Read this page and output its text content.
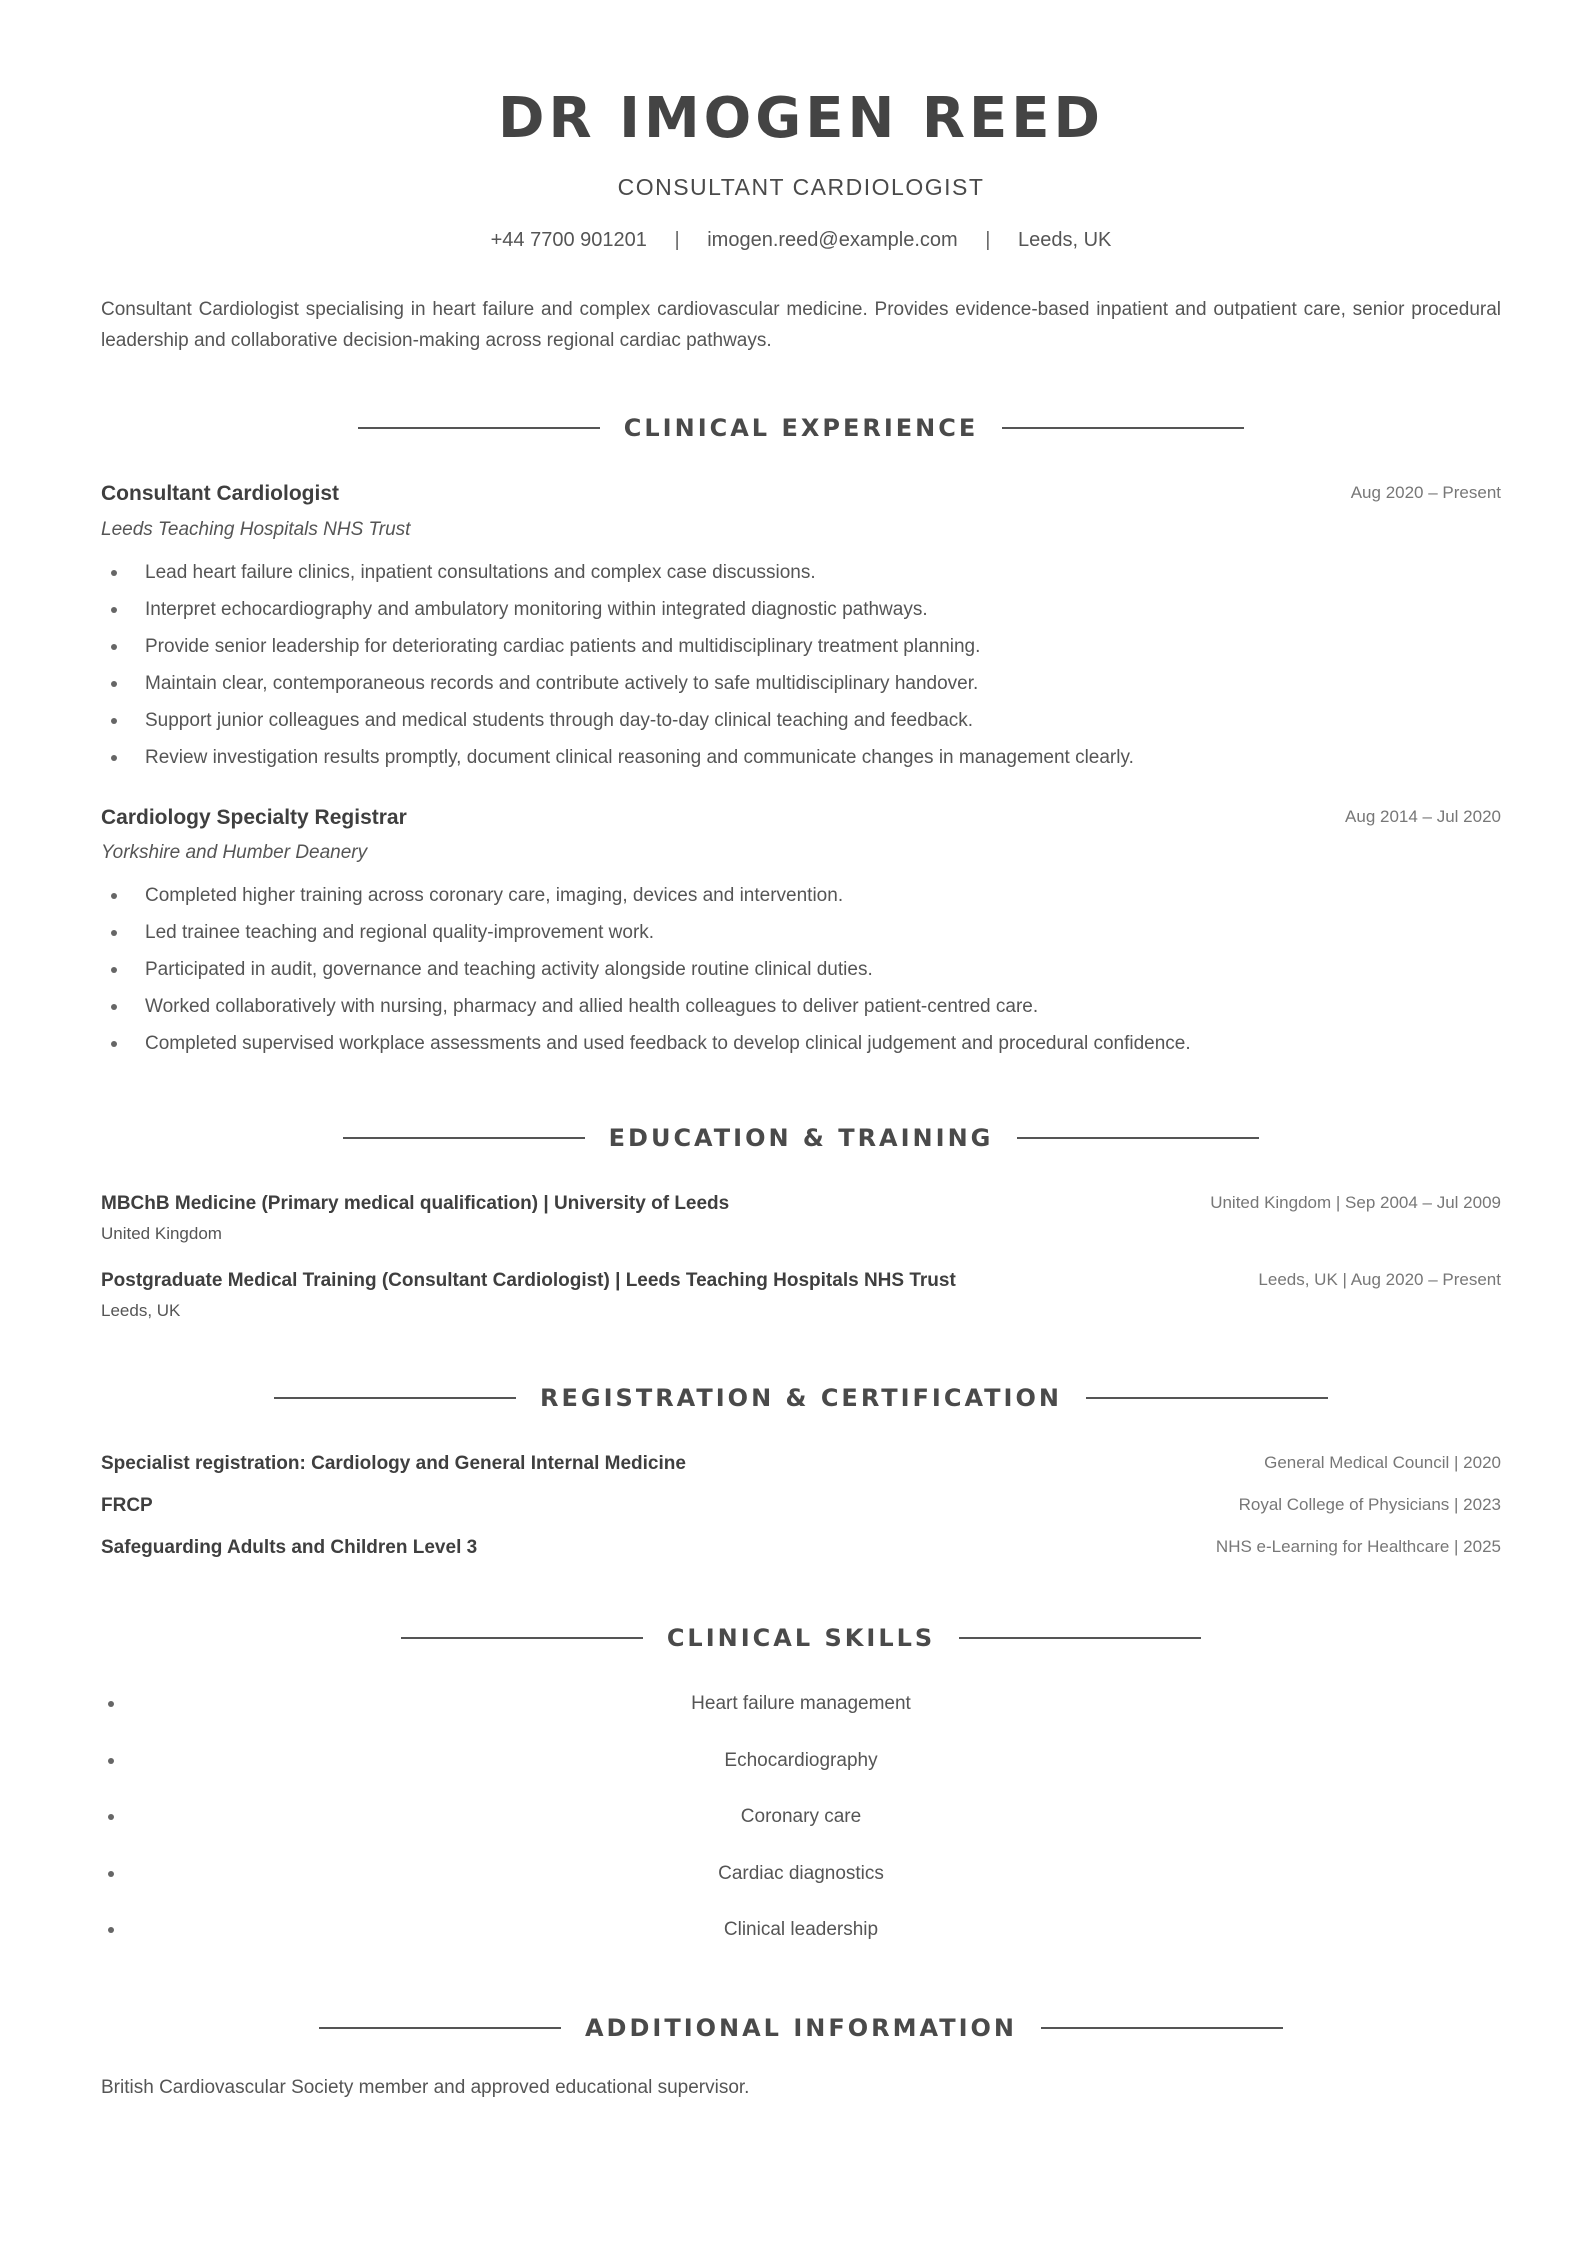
DR IMOGEN REED
CONSULTANT CARDIOLOGIST
+44 7700 901201 | imogen.reed@example.com | Leeds, UK
Consultant Cardiologist specialising in heart failure and complex cardiovascular medicine. Provides evidence-based inpatient and outpatient care, senior procedural leadership and collaborative decision-making across regional cardiac pathways.
CLINICAL EXPERIENCE
Consultant Cardiologist	Aug 2020 – Present
Leeds Teaching Hospitals NHS Trust
Lead heart failure clinics, inpatient consultations and complex case discussions.
Interpret echocardiography and ambulatory monitoring within integrated diagnostic pathways.
Provide senior leadership for deteriorating cardiac patients and multidisciplinary treatment planning.
Maintain clear, contemporaneous records and contribute actively to safe multidisciplinary handover.
Support junior colleagues and medical students through day-to-day clinical teaching and feedback.
Review investigation results promptly, document clinical reasoning and communicate changes in management clearly.
Cardiology Specialty Registrar	Aug 2014 – Jul 2020
Yorkshire and Humber Deanery
Completed higher training across coronary care, imaging, devices and intervention.
Led trainee teaching and regional quality-improvement work.
Participated in audit, governance and teaching activity alongside routine clinical duties.
Worked collaboratively with nursing, pharmacy and allied health colleagues to deliver patient-centred care.
Completed supervised workplace assessments and used feedback to develop clinical judgement and procedural confidence.
EDUCATION & TRAINING
MBChB Medicine (Primary medical qualification) | University of Leeds	United Kingdom | Sep 2004 – Jul 2009
United Kingdom
Postgraduate Medical Training (Consultant Cardiologist) | Leeds Teaching Hospitals NHS Trust	Leeds, UK | Aug 2020 – Present
Leeds, UK
REGISTRATION & CERTIFICATION
Specialist registration: Cardiology and General Internal Medicine	General Medical Council | 2020
FRCP	Royal College of Physicians | 2023
Safeguarding Adults and Children Level 3	NHS e-Learning for Healthcare | 2025
CLINICAL SKILLS
Heart failure management
Echocardiography
Coronary care
Cardiac diagnostics
Clinical leadership
ADDITIONAL INFORMATION
British Cardiovascular Society member and approved educational supervisor.
